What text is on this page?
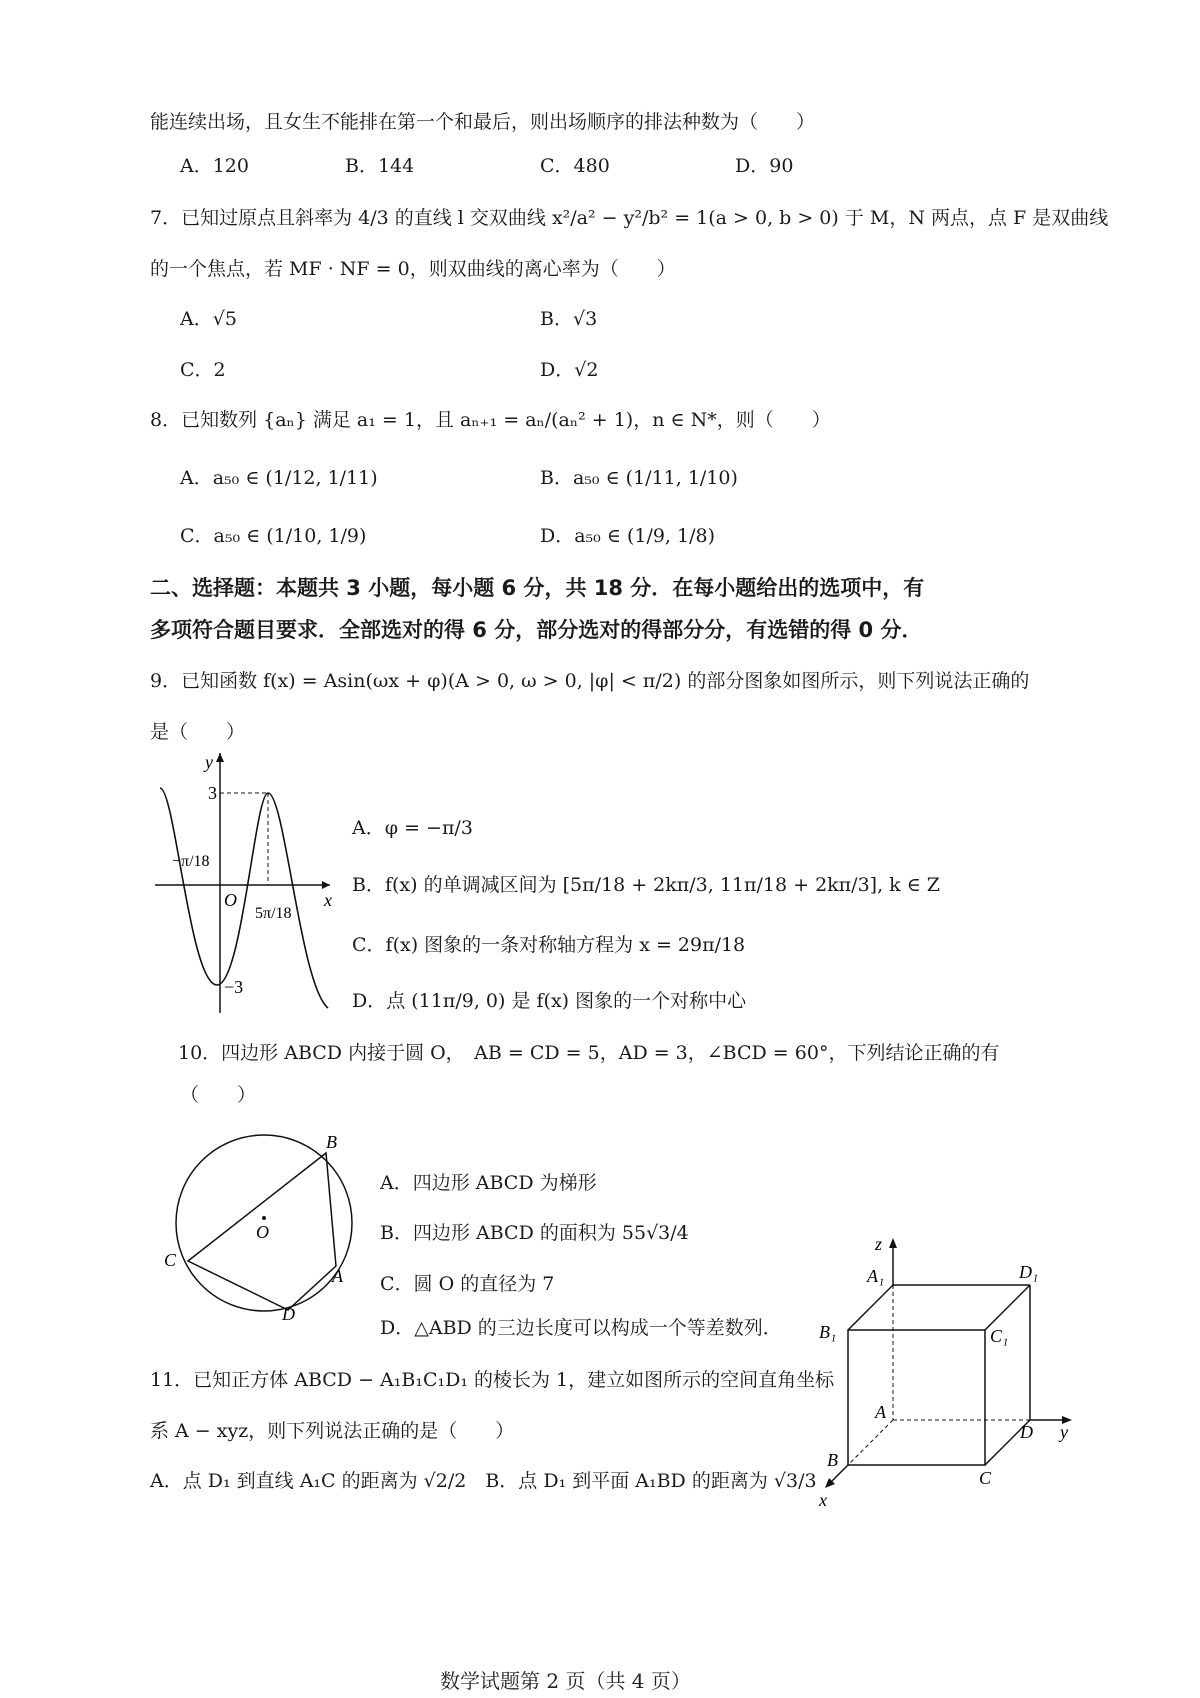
能连续出场，且女生不能排在第一个和最后，则出场顺序的排法种数为（　　）
A．120	B．144	C．480	D．90
7．已知过原点且斜率为 4/3 的直线 l 交双曲线 x²/a² − y²/b² = 1(a > 0, b > 0) 于 M，N 两点，点 F 是双曲线
的一个焦点，若 MF · NF = 0，则双曲线的离心率为（　　）
A．√5	B．√3
C．2	D．√2
8．已知数列 {aₙ} 满足 a₁ = 1，且 aₙ₊₁ = aₙ/(aₙ² + 1)，n ∈ N*，则（　　）
A．a₅₀ ∈ (1/12, 1/11)	B．a₅₀ ∈ (1/11, 1/10)
C．a₅₀ ∈ (1/10, 1/9)	D．a₅₀ ∈ (1/9, 1/8)
二、选择题：本题共 3 小题，每小题 6 分，共 18 分．在每小题给出的选项中，有
多项符合题目要求．全部选对的得 6 分，部分选对的得部分分，有选错的得 0 分．
9．已知函数 f(x) = Asin(ωx + φ)(A > 0, ω > 0, |φ| < π/2) 的部分图象如图所示，则下列说法正确的
是（　　）
y
x
O
3
−3
−π/18
5π/18
A．φ = −π/3
B．f(x) 的单调减区间为 [5π/18 + 2kπ/3, 11π/18 + 2kπ/3], k ∈ Z
C．f(x) 图象的一条对称轴方程为 x = 29π/18
D．点 (11π/9, 0) 是 f(x) 图象的一个对称中心
10．四边形 ABCD 内接于圆 O，　AB = CD = 5，AD = 3，∠BCD = 60°，下列结论正确的有
（　　）
B
C
A
D
O
A．四边形 ABCD 为梯形
B．四边形 ABCD 的面积为 55√3/4
C．圆 O 的直径为 7
D．△ABD 的三边长度可以构成一个等差数列．
11．已知正方体 ABCD − A₁B₁C₁D₁ 的棱长为 1，建立如图所示的空间直角坐标
系 A − xyz，则下列说法正确的是（　　）
A．点 D₁ 到直线 A₁C 的距离为 √2/2　B．点 D₁ 到平面 A₁BD 的距离为 √3/3
z
A₁	D₁
B₁	C₁
A
D y
B
C
x
数学试题第 2 页（共 4 页）
